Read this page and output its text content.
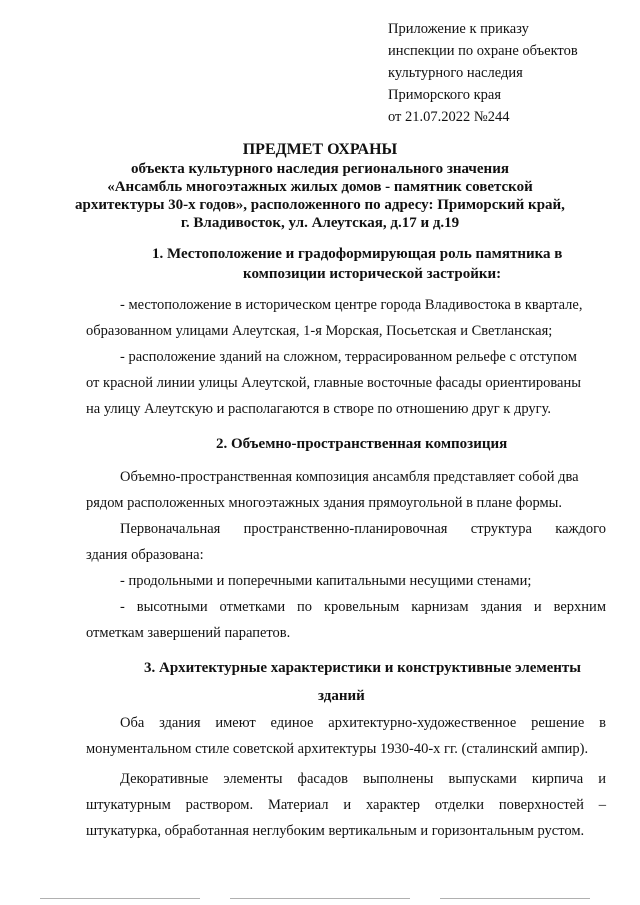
Приложение к приказу
инспекции по охране объектов
культурного наследия
Приморского края
от 21.07.2022 №244
ПРЕДМЕТ ОХРАНЫ
объекта культурного наследия регионального значения
«Ансамбль многоэтажных жилых домов - памятник советской
архитектуры 30-х годов», расположенного по адресу: Приморский край,
г. Владивосток, ул. Алеутская, д.17 и д.19
1. Местоположение и градоформирующая роль памятника в
композиции исторической застройки:
- местоположение в историческом центре города Владивостока в квартале,
образованном улицами Алеутская, 1-я Морская, Посьетская и Светланская;
- расположение зданий на сложном, террасированном рельефе с отступом
от красной линии улицы Алеутской, главные восточные фасады ориентированы
на улицу Алеутскую и располагаются в створе по отношению друг к другу.
2. Объемно-пространственная композиция
Объемно-пространственная композиция ансамбля представляет собой два
рядом расположенных многоэтажных здания прямоугольной в плане формы.
Первоначальная пространственно-планировочная структура каждого
здания образована:
- продольными и поперечными капитальными несущими стенами;
- высотными отметками по кровельным карнизам здания и верхним
отметкам завершений парапетов.
3. Архитектурные характеристики и конструктивные элементы
зданий
Оба здания имеют единое архитектурно-художественное решение в
монументальном стиле советской архитектуры 1930-40-х гг. (сталинский ампир).
Декоративные элементы фасадов выполнены выпусками кирпича и
штукатурным раствором. Материал и характер отделки поверхностей –
штукатурка, обработанная неглубоким вертикальным и горизонтальным рустом.
